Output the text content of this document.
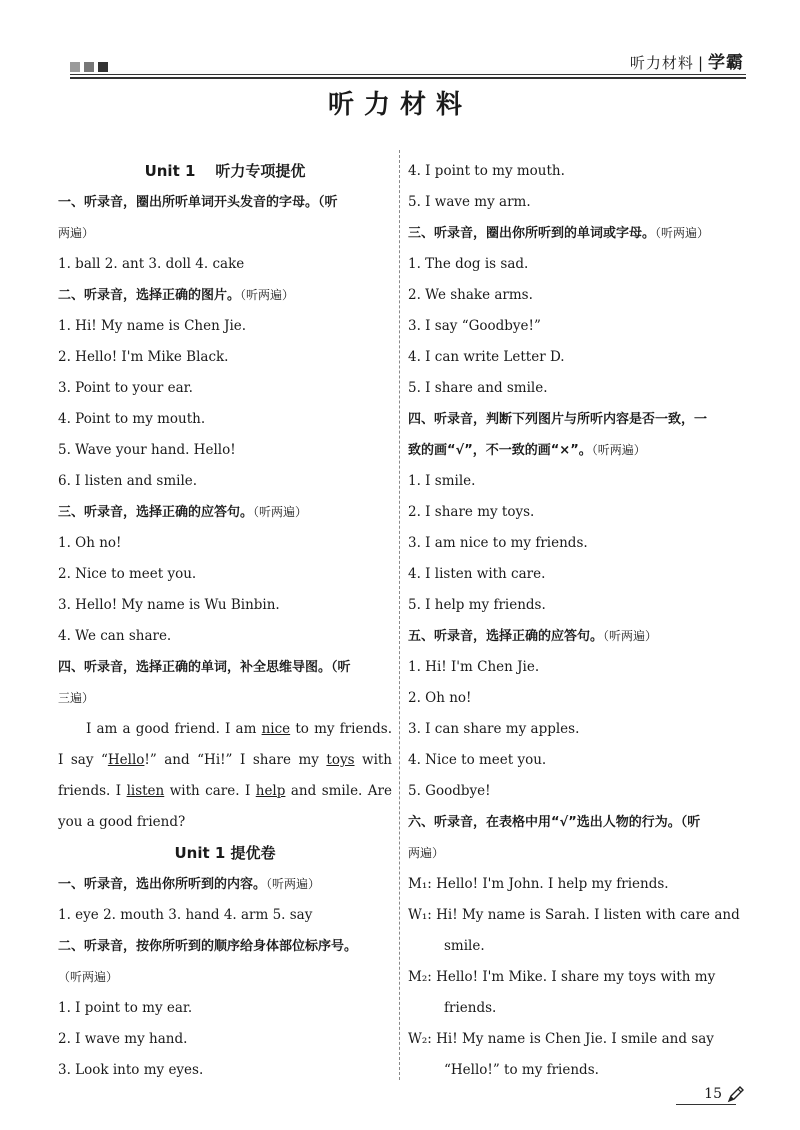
听力材料 | 学霸
听力材料
Unit 1 听力专项提优
一、听录音，圈出所听单词开头发音的字母。（听
两遍）
1. ball 2. ant 3. doll 4. cake
二、听录音，选择正确的图片。（听两遍）
1. Hi! My name is Chen Jie.
2. Hello! I'm Mike Black.
3. Point to your ear.
4. Point to my mouth.
5. Wave your hand. Hello!
6. I listen and smile.
三、听录音，选择正确的应答句。（听两遍）
1. Oh no!
2. Nice to meet you.
3. Hello! My name is Wu Binbin.
4. We can share.
四、听录音，选择正确的单词，补全思维导图。（听
三遍）
I am a good friend. I am nice to my friends. I say “Hello!” and “Hi!” I share my toys with friends. I listen with care. I help and smile. Are you a good friend?
Unit 1 提优卷
一、听录音，选出你所听到的内容。（听两遍）
1. eye 2. mouth 3. hand 4. arm 5. say
二、听录音，按你所听到的顺序给身体部位标序号。
（听两遍）
1. I point to my ear.
2. I wave my hand.
3. Look into my eyes.
4. I point to my mouth.
5. I wave my arm.
三、听录音，圈出你所听到的单词或字母。（听两遍）
1. The dog is sad.
2. We shake arms.
3. I say “Goodbye!”
4. I can write Letter D.
5. I share and smile.
四、听录音，判断下列图片与所听内容是否一致，一
致的画“√”，不一致的画“×”。（听两遍）
1. I smile.
2. I share my toys.
3. I am nice to my friends.
4. I listen with care.
5. I help my friends.
五、听录音，选择正确的应答句。（听两遍）
1. Hi! I'm Chen Jie.
2. Oh no!
3. I can share my apples.
4. Nice to meet you.
5. Goodbye!
六、听录音，在表格中用“√”选出人物的行为。（听
两遍）
M₁: Hello! I'm John. I help my friends.
W₁: Hi! My name is Sarah. I listen with care and smile.
M₂: Hello! I'm Mike. I share my toys with my friends.
W₂: Hi! My name is Chen Jie. I smile and say “Hello!” to my friends.
15
